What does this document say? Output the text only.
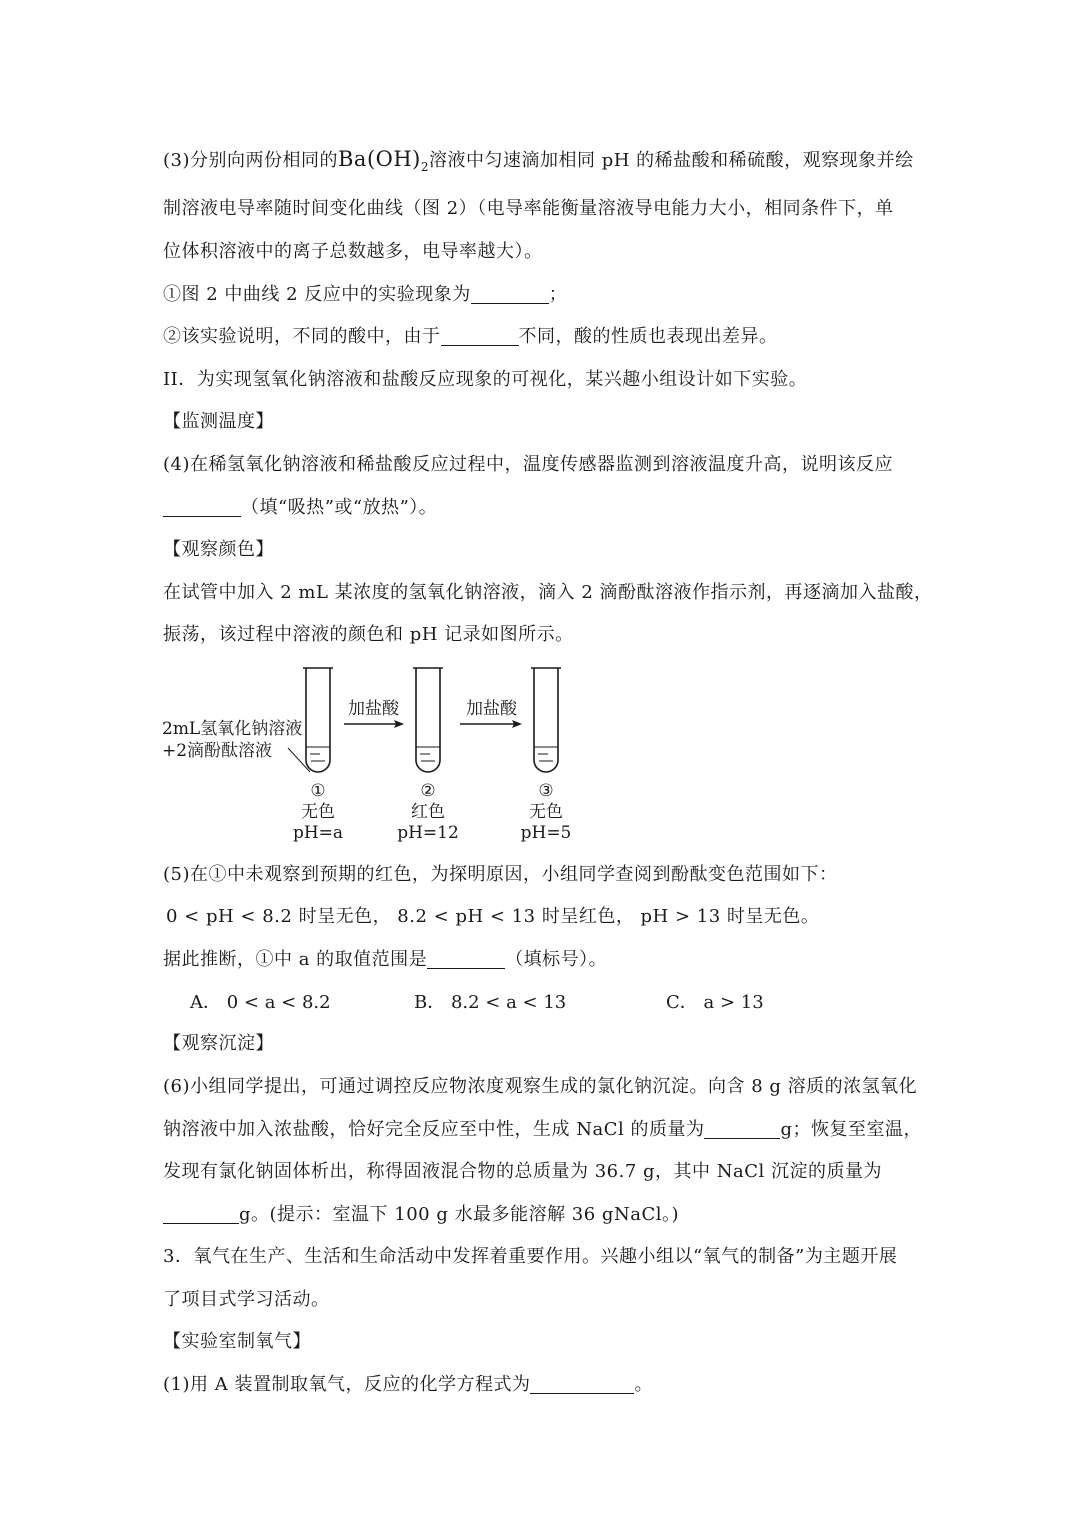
(3)分别向两份相同的$Ba(OH)_2$溶液中匀速滴加相同 pH 的稀盐酸和稀硫酸，观察现象并绘
制溶液电导率随时间变化曲线（图 2）（电导率能衡量溶液导电能力大小，相同条件下，单
位体积溶液中的离子总数越多，电导率越大）。
①图 2 中曲线 2 反应中的实验现象为	；
②该实验说明，不同的酸中，由于	不同，酸的性质也表现出差异。
II．为实现氢氧化钠溶液和盐酸反应现象的可视化，某兴趣小组设计如下实验。
【监测温度】
(4)在稀氢氧化钠溶液和稀盐酸反应过程中，温度传感器监测到溶液温度升高，说明该反应
（填“吸热”或“放热”）。
【观察颜色】
在试管中加入 2 mL 某浓度的氢氧化钠溶液，滴入 2 滴酚酞溶液作指示剂，再逐滴加入盐酸，
振荡，该过程中溶液的颜色和 pH 记录如图所示。
2mL氢氧化钠溶液
+2滴酚酞溶液
加盐酸	加盐酸
①
无色
pH=a
②
红色
pH=12
③
无色
pH=5
(5)在①中未观察到预期的红色，为探明原因，小组同学查阅到酚酞变色范围如下：
0 < pH < 8.2 时呈无色， 8.2 < pH < 13 时呈红色， pH > 13 时呈无色。
据此推断，①中 a 的取值范围是	（填标号）。
A． 0 < a < 8.2	B． 8.2 < a < 13	C． a > 13
【观察沉淀】
(6)小组同学提出，可通过调控反应物浓度观察生成的氯化钠沉淀。向含 8 g 溶质的浓氢氧化
钠溶液中加入浓盐酸，恰好完全反应至中性，生成 NaCl 的质量为	g；恢复至室温，
发现有氯化钠固体析出，称得固液混合物的总质量为 36.7 g，其中 NaCl 沉淀的质量为
g。(提示：室温下 100 g 水最多能溶解 36 gNaCl。)
3．氧气在生产、生活和生命活动中发挥着重要作用。兴趣小组以“氧气的制备”为主题开展
了项目式学习活动。
【实验室制氧气】
(1)用 A 装置制取氧气，反应的化学方程式为	。
